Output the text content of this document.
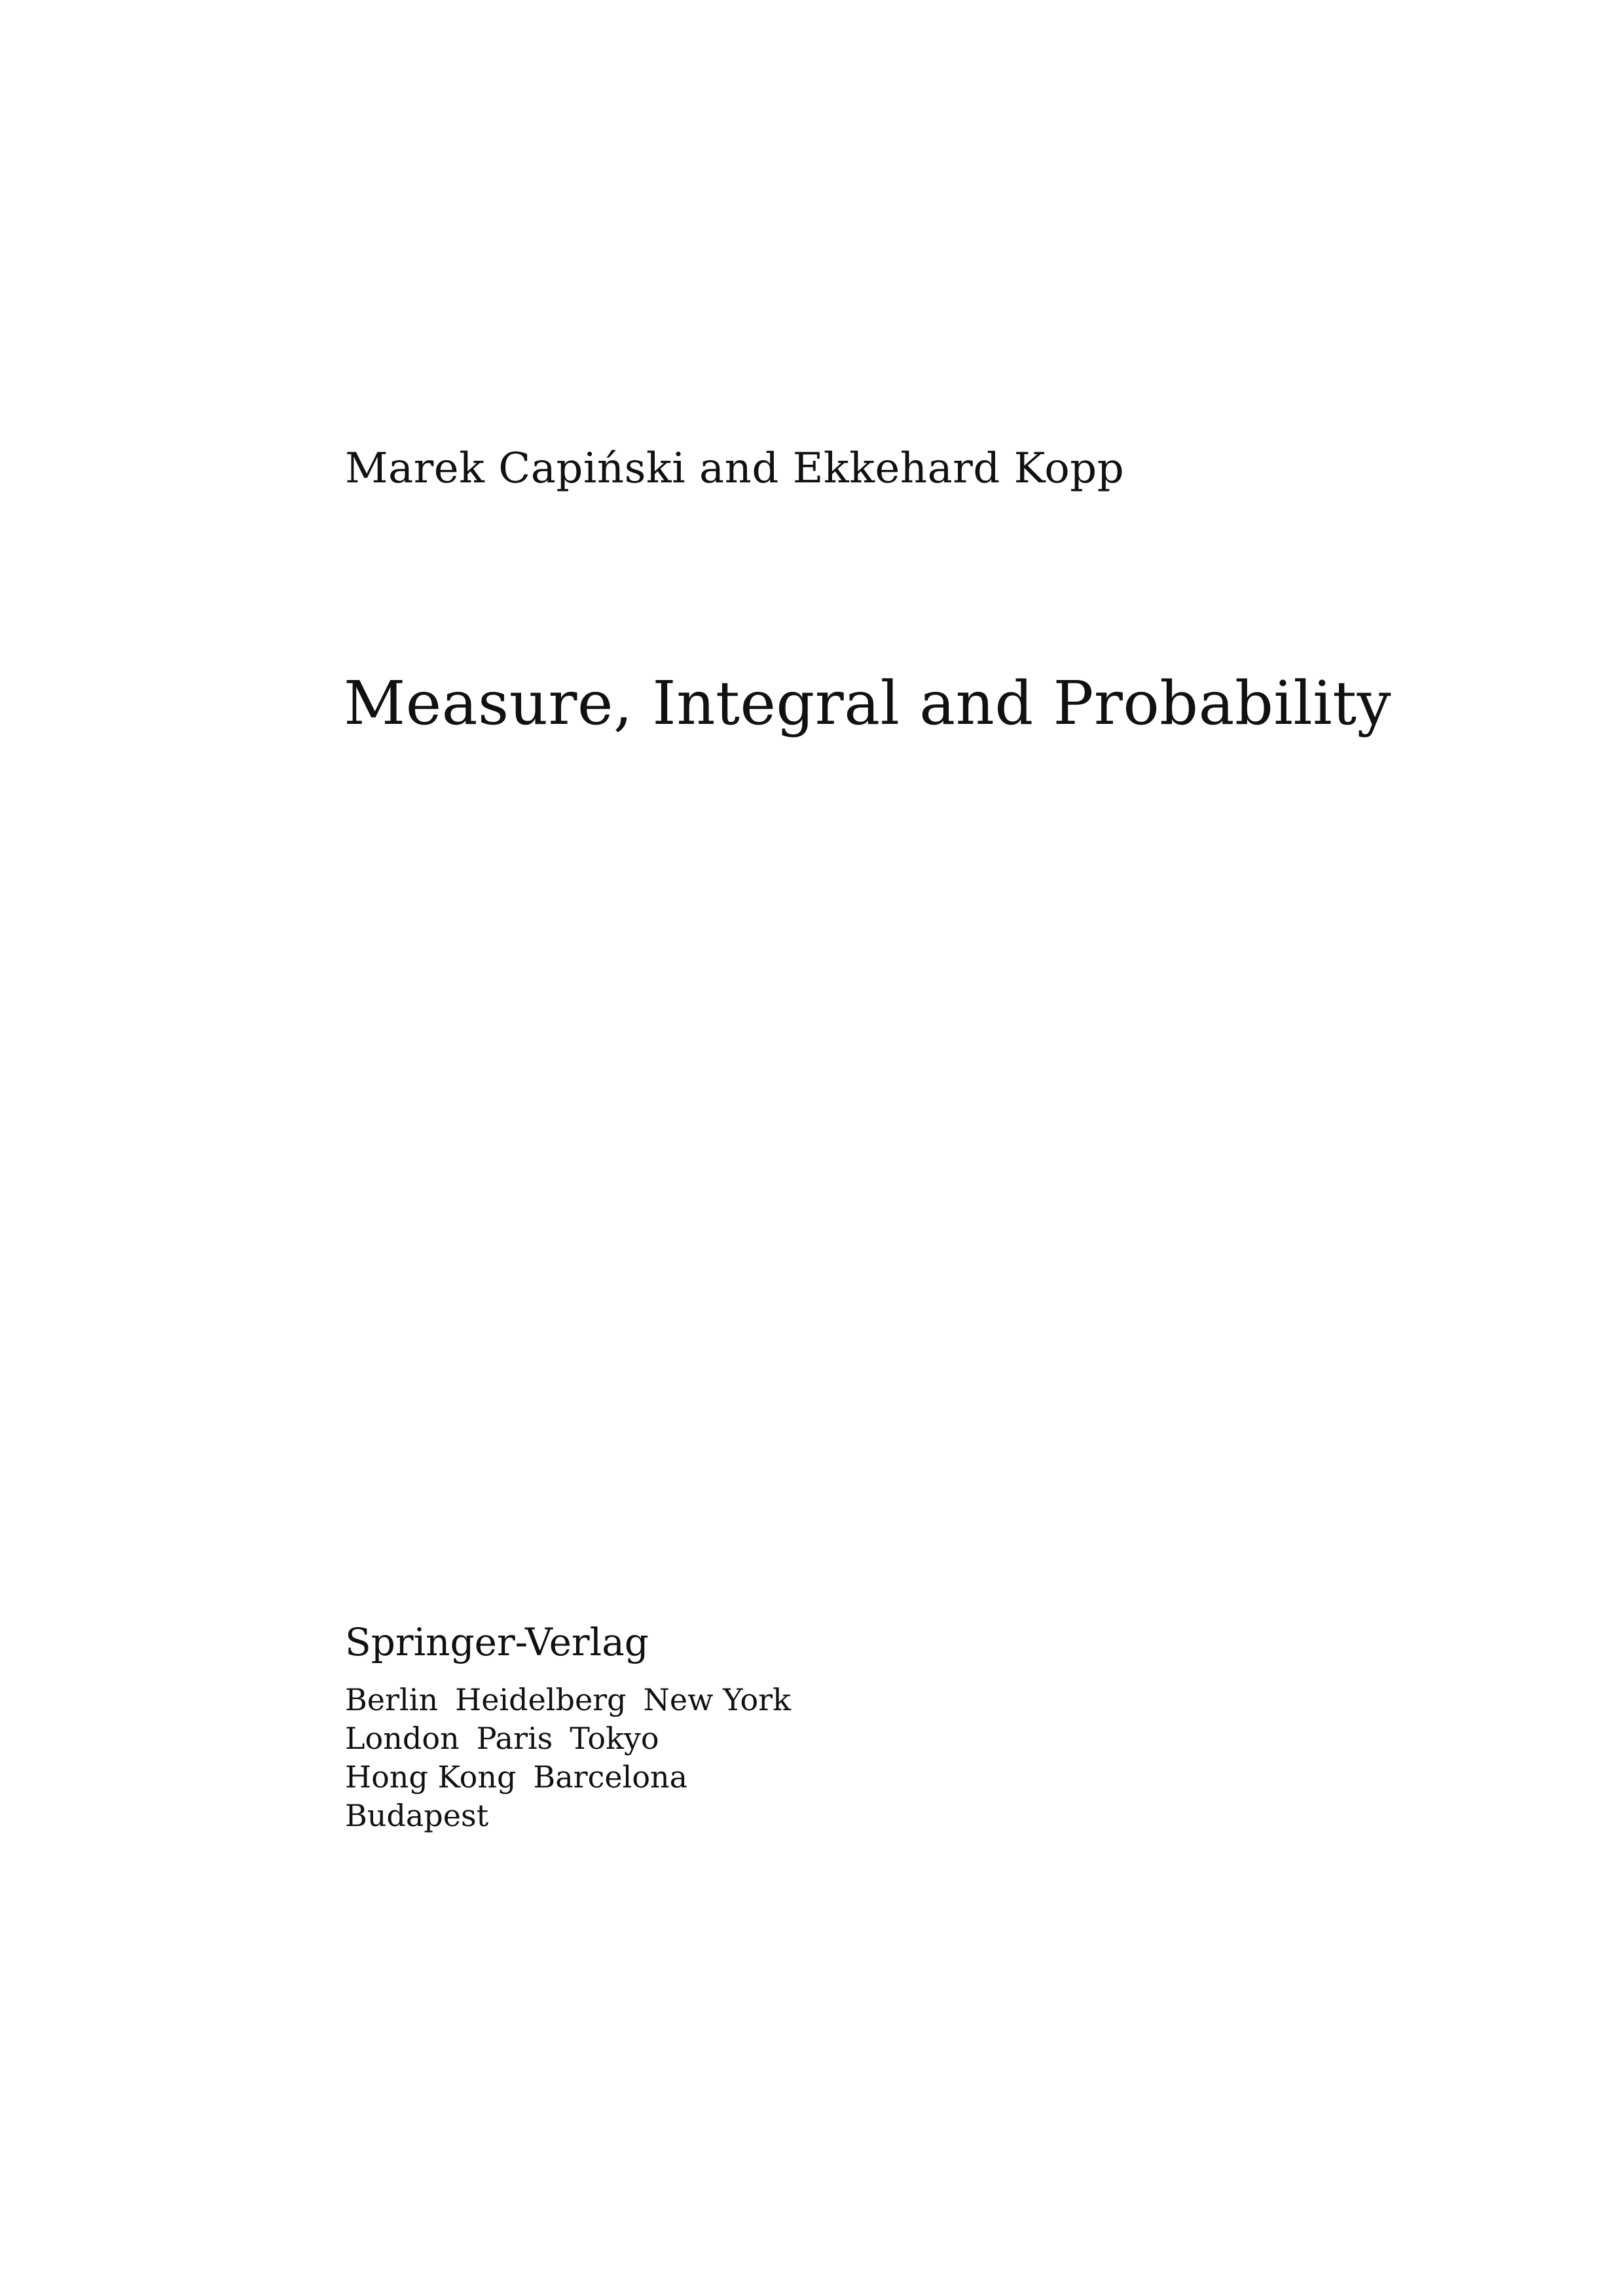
Marek Capiński and Ekkehard Kopp
Measure, Integral and Probability
Springer-Verlag
Berlin Heidelberg New York
London Paris Tokyo
Hong Kong Barcelona
Budapest
